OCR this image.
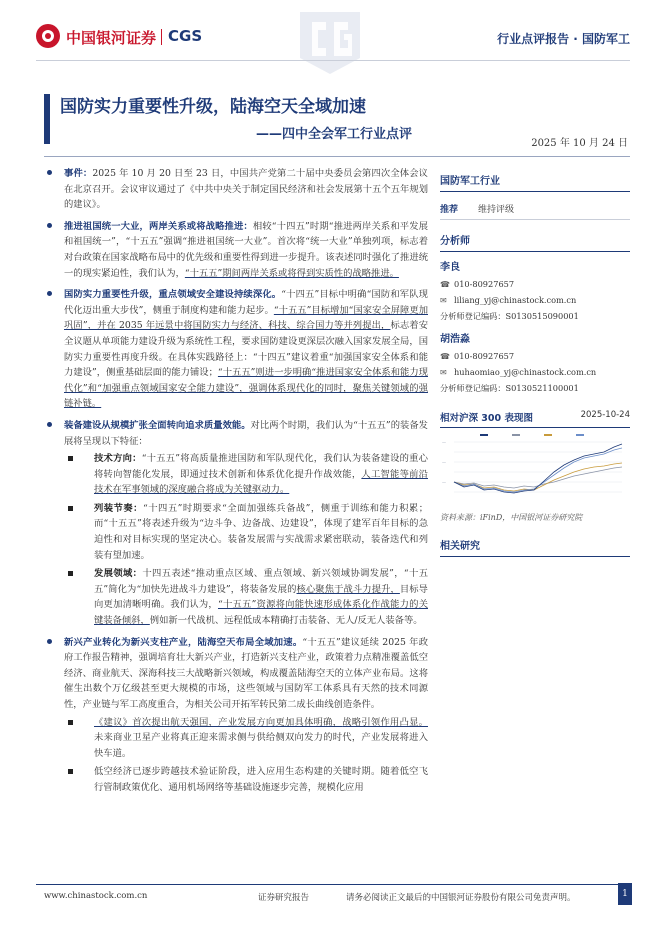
中国银河证券 CGS	行业点评报告 · 国防军工
国防实力重要性升级，陆海空天全域加速
——四中全会军工行业点评
2025 年 10 月 24 日
事件：2025 年 10 月 20 日至 23 日，中国共产党第二十届中央委员会第四次全体会议在北京召开。会议审议通过了《中共中央关于制定国民经济和社会发展第十五个五年规划的建议》。
推进祖国统一大业，两岸关系或将战略推进：相较“十四五”时期“推进两岸关系和平发展和祖国统一”，“十五五”强调“推进祖国统一大业”。首次将“统一大业”单独列项，标志着对台政策在国家战略布局中的优先级和重要性得到进一步提升。该表述同时强化了推进统一的现实紧迫性，我们认为，“十五五”期间两岸关系或将得到实质性的战略推进。
国防实力重要性升级，重点领域安全建设持续深化。“十四五”目标中明确“国防和军队现代化迈出重大步伐”，侧重于制度构建和能力起步。“十五五”目标增加“国家安全屏障更加巩固”，并在 2035 年远景中将国防实力与经济、科技、综合国力等并列提出，标志着安全议题从单项能力建设升级为系统性工程，要求国防建设更深层次融入国家发展全局，国防实力重要性再度升级。在具体实践路径上：“十四五”建议着重“加强国家安全体系和能力建设”，侧重基础层面的能力铺设；“十五五”则进一步明确“推进国家安全体系和能力现代化”和“加强重点领域国家安全能力建设”，强调体系现代化的同时，聚焦关键领域的强链补链。
装备建设从规模扩张全面转向追求质量效能。对比两个时期，我们认为“十五五”的装备发展将呈现以下特征：
技术方向：“十五五”将高质量推进国防和军队现代化，我们认为装备建设的重心将转向智能化发展，即通过技术创新和体系优化提升作战效能，人工智能等前沿技术在军事领域的深度融合将成为关键驱动力。
列装节奏：“十四五”时期要求“全面加强练兵备战”，侧重于训练和能力积累；而“十五五”将表述升级为“边斗争、边备战、边建设”，体现了建军百年目标的急迫性和对目标实现的坚定决心。装备发展需与实战需求紧密联动，装备迭代和列装有望加速。
发展领域：十四五表述“推动重点区域、重点领域、新兴领域协调发展”，“十五五”简化为“加快先进战斗力建设”，将装备发展的核心聚焦于战斗力提升，目标导向更加清晰明确。我们认为，“十五五”资源将向能快速形成体系化作战能力的关键装备倾斜，例如新一代战机、远程低成本精确打击装备、无人/反无人装备等。
新兴产业转化为新兴支柱产业，陆海空天布局全域加速。“十五五”建议延续 2025 年政府工作报告精神，强调培育壮大新兴产业，打造新兴支柱产业，政策着力点精准覆盖低空经济、商业航天、深海科技三大战略新兴领域，构成覆盖陆海空天的立体产业布局。这将催生出数个万亿级甚至更大规模的市场，这些领域与国防军工体系具有天然的技术同源性，产业链与军工高度重合，为相关公司开拓军转民第二成长曲线创造条件。
《建议》首次提出航天强国，产业发展方向更加具体明确，战略引领作用凸显。未来商业卫星产业将真正迎来需求侧与供给侧双向发力的时代，产业发展将进入快车道。
低空经济已逐步跨越技术验证阶段，进入应用生态构建的关键时期。随着低空飞行管制政策优化、通用机场网络等基础设施逐步完善，规模化应用
国防军工行业
推荐 维持评级
分析师
李良
☎ 010-80927657
✉ liliang_yj@chinastock.com.cn
分析师登记编码：S0130515090001
胡浩淼
☎ 010-80927657
✉ huhaomiao_yj@chinastock.com.cn
分析师登记编码：S0130521100001
相对沪深 300 表现图	2025-10-24
—
—
—
资料来源：iFinD，中国银河证券研究院
相关研究
www.chinastock.com.cn	证券研究报告	请务必阅读正文最后的中国银河证券股份有限公司免责声明。	1
